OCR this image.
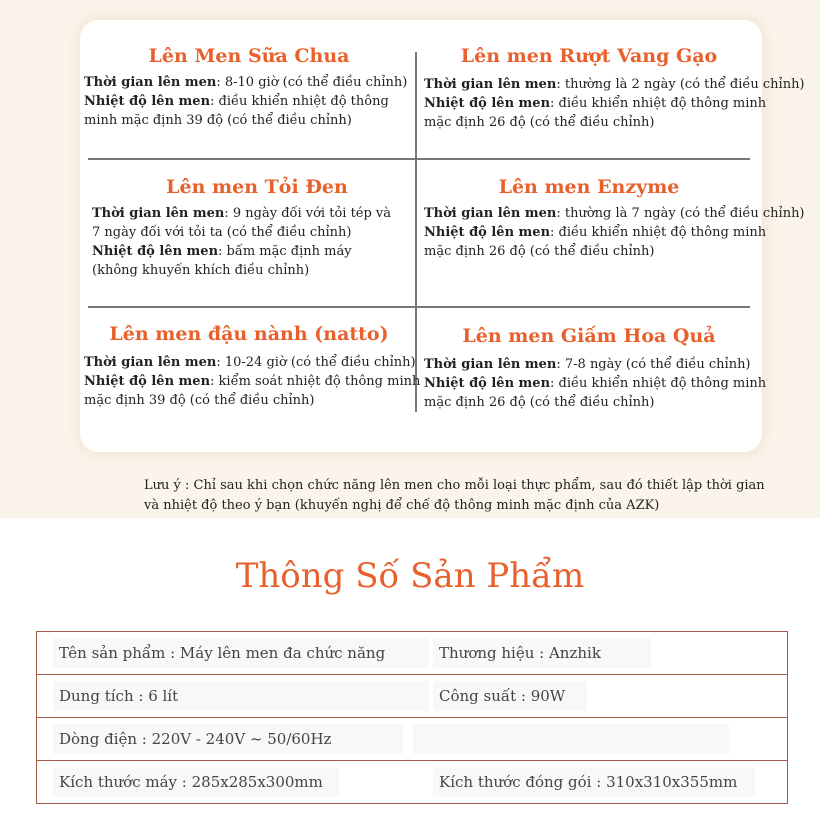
Lên Men Sữa Chua
Thời gian lên men: 8-10 giờ (có thể điều chỉnh)
Nhiệt độ lên men: điều khiển nhiệt độ thông
minh mặc định 39 độ (có thể điều chỉnh)
Lên men Rượt Vang Gạo
Thời gian lên men: thường là 2 ngày (có thể điều chỉnh)
Nhiệt độ lên men: điều khiển nhiệt độ thông minh
mặc định 26 độ (có thể điều chỉnh)
Lên men Tỏi Đen
Thời gian lên men: 9 ngày đối với tỏi tép và
7 ngày đối với tỏi ta (có thể điều chỉnh)
Nhiệt độ lên men: bấm mặc định máy
(không khuyến khích điều chỉnh)
Lên men Enzyme
Thời gian lên men: thường là 7 ngày (có thể điều chỉnh)
Nhiệt độ lên men: điều khiển nhiệt độ thông minh
mặc định 26 độ (có thể điều chỉnh)
Lên men đậu nành (natto)
Thời gian lên men: 10-24 giờ (có thể điều chỉnh)
Nhiệt độ lên men: kiểm soát nhiệt độ thông minh
mặc định 39 độ (có thể điều chỉnh)
Lên men Giấm Hoa Quả
Thời gian lên men: 7-8 ngày (có thể điều chỉnh)
Nhiệt độ lên men: điều khiển nhiệt độ thông minh
mặc định 26 độ (có thể điều chỉnh)
Lưu ý : Chỉ sau khi chọn chức năng lên men cho mỗi loại thực phẩm, sau đó thiết lập thời gian
và nhiệt độ theo ý bạn (khuyến nghị để chế độ thông minh mặc định của AZK)
Thông Số Sản Phẩm
Tên sản phẩm : Máy lên men đa chức năng	Thương hiệu : Anzhik
Dung tích : 6 lít	Công suất : 90W
Dòng điện : 220V - 240V ~ 50/60Hz
Kích thước máy : 285x285x300mm	Kích thước đóng gói : 310x310x355mm
